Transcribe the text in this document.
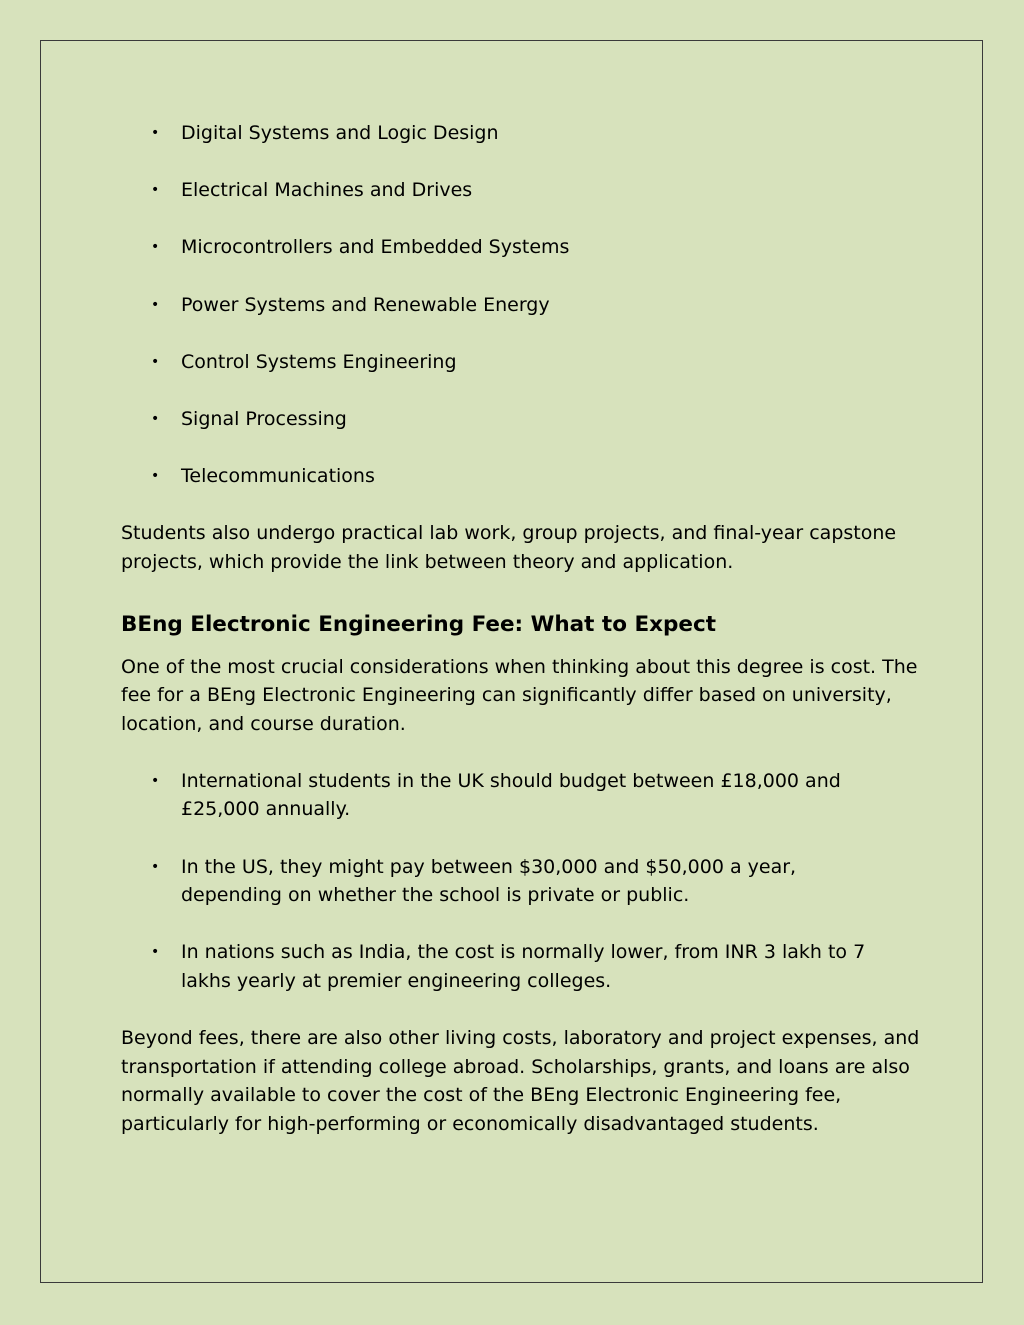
• Digital Systems and Logic Design
• Electrical Machines and Drives
• Microcontrollers and Embedded Systems
• Power Systems and Renewable Energy
• Control Systems Engineering
• Signal Processing
• Telecommunications

Students also undergo practical lab work, group projects, and final-year capstone projects, which provide the link between theory and application.

BEng Electronic Engineering Fee: What to Expect

One of the most crucial considerations when thinking about this degree is cost. The fee for a BEng Electronic Engineering can significantly differ based on university, location, and course duration.

• International students in the UK should budget between £18,000 and £25,000 annually.
• In the US, they might pay between $30,000 and $50,000 a year, depending on whether the school is private or public.
• In nations such as India, the cost is normally lower, from INR 3 lakh to 7 lakhs yearly at premier engineering colleges.

Beyond fees, there are also other living costs, laboratory and project expenses, and transportation if attending college abroad. Scholarships, grants, and loans are also normally available to cover the cost of the BEng Electronic Engineering fee, particularly for high-performing or economically disadvantaged students.
